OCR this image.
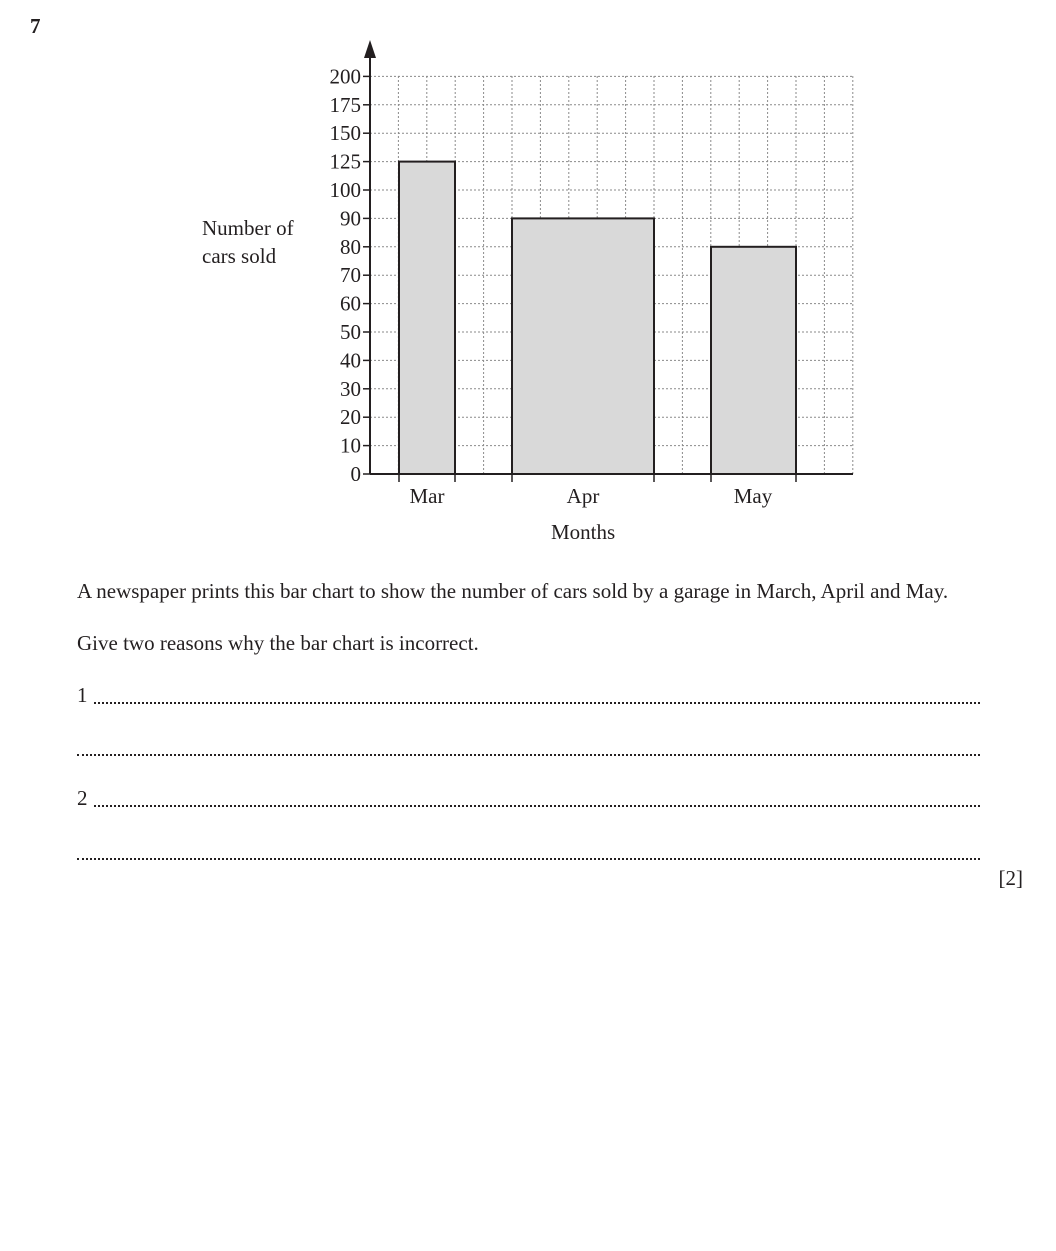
7
0
10
20
30
40
50
60
70
80
90
100
125
150
175
200
Mar	Apr	May
Number of
cars sold
Months
A newspaper prints this bar chart to show the number of cars sold by a garage in March, April and May.
Give two reasons why the bar chart is incorrect.
1
2
[2]
